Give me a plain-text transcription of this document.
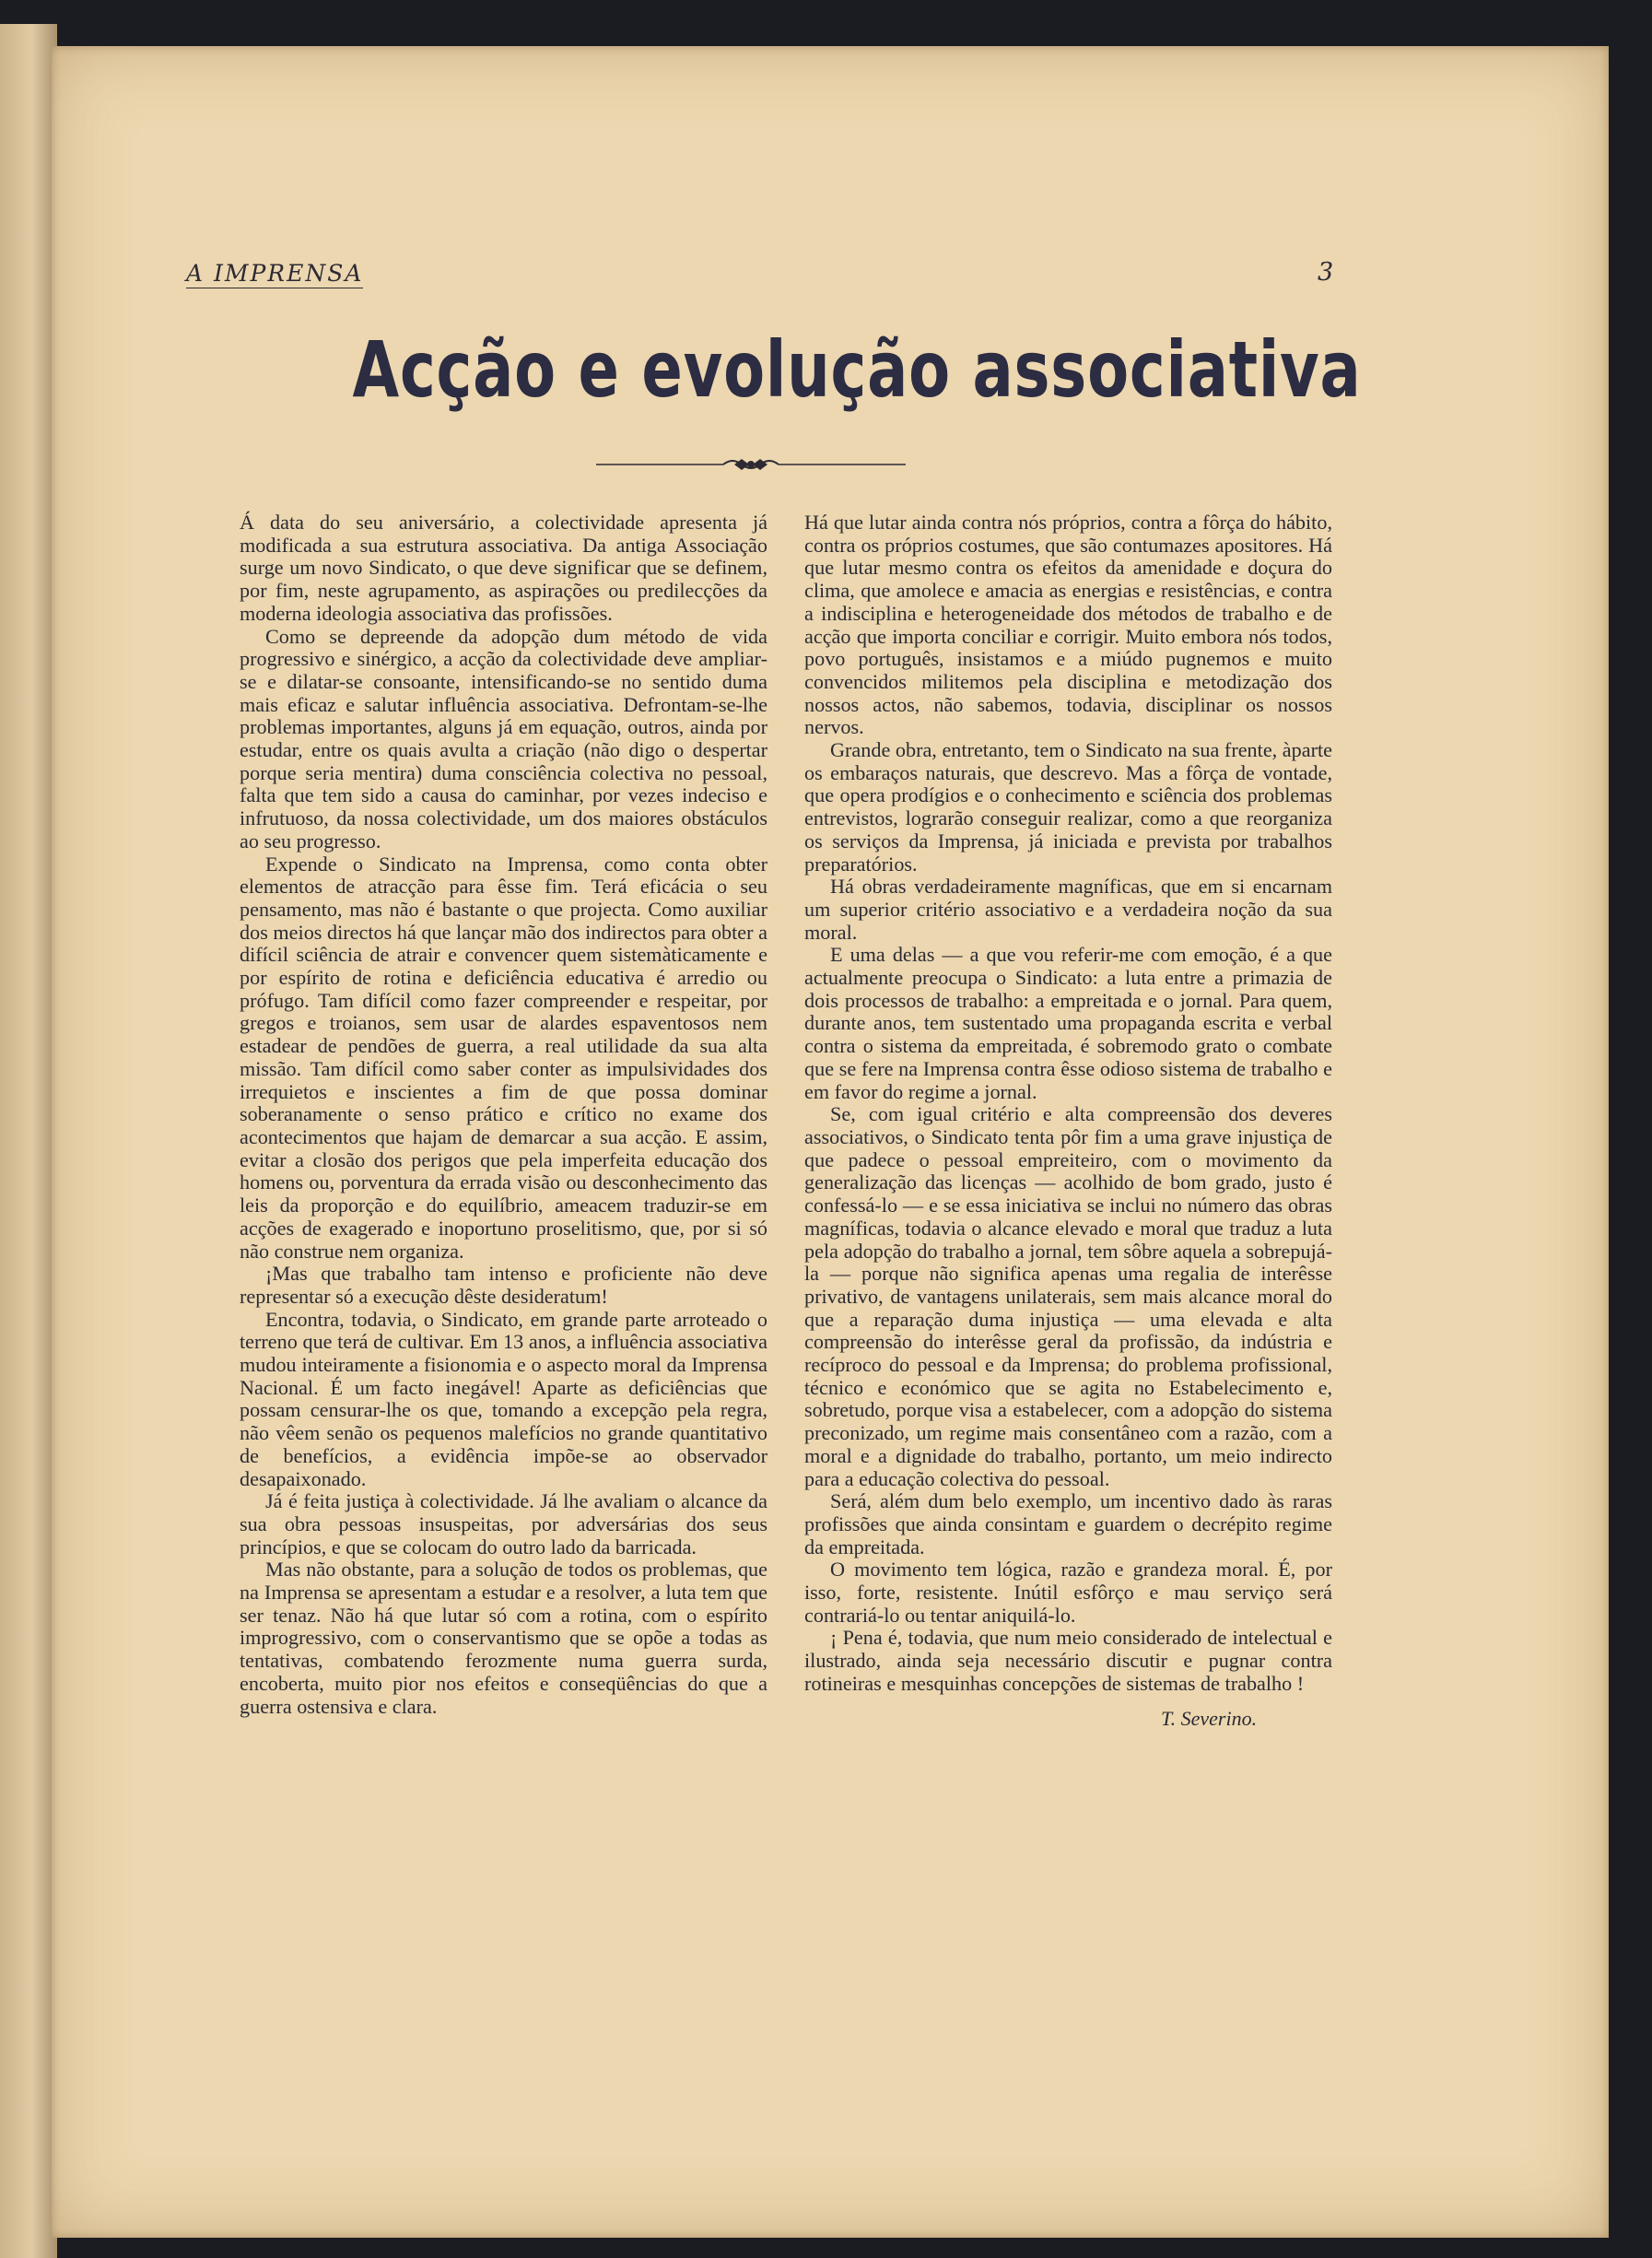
A IMPRENSA	3
Acção e evolução associativa

Á data do seu aniversário, a colectividade apresenta já modificada a sua estrutura associativa. Da antiga Associação surge um novo Sindicato, o que deve significar que se definem, por fim, neste agrupamento, as aspirações ou predilecções da moderna ideologia associativa das profissões.

Como se depreende da adopção dum método de vida progressivo e sinérgico, a acção da colectividade deve ampliar-se e dilatar-se consoante, intensificando-se no sentido duma mais eficaz e salutar influência associativa. Defrontam-se-lhe problemas importantes, alguns já em equação, outros, ainda por estudar, entre os quais avulta a criação (não digo o despertar porque seria mentira) duma consciência colectiva no pessoal, falta que tem sido a causa do caminhar, por vezes indeciso e infrutuoso, da nossa colectividade, um dos maiores obstáculos ao seu progresso.

Expende o Sindicato na Imprensa, como conta obter elementos de atracção para êsse fim. Terá eficácia o seu pensamento, mas não é bastante o que projecta. Como auxiliar dos meios directos há que lançar mão dos indirectos para obter a difícil sciência de atrair e convencer quem sistemàticamente e por espírito de rotina e deficiência educativa é arredio ou prófugo. Tam difícil como fazer compreender e respeitar, por gregos e troianos, sem usar de alardes espaventosos nem estadear de pendões de guerra, a real utilidade da sua alta missão. Tam difícil como saber conter as impulsividades dos irrequietos e inscientes a fim de que possa dominar soberanamente o senso prático e crítico no exame dos acontecimentos que hajam de demarcar a sua acção. E assim, evitar a closão dos perigos que pela imperfeita educação dos homens ou, porventura da errada visão ou desconhecimento das leis da proporção e do equilíbrio, ameacem traduzir-se em acções de exagerado e inoportuno proselitismo, que, por si só não construe nem organiza.

¡Mas que trabalho tam intenso e proficiente não deve representar só a execução dêste desideratum!

Encontra, todavia, o Sindicato, em grande parte arroteado o terreno que terá de cultivar. Em 13 anos, a influência associativa mudou inteiramente a fisionomia e o aspecto moral da Imprensa Nacional. É um facto inegável! Aparte as deficiências que possam censurar-lhe os que, tomando a excepção pela regra, não vêem senão os pequenos malefícios no grande quantitativo de benefícios, a evidência impõe-se ao observador desapaixonado.

Já é feita justiça à colectividade. Já lhe avaliam o alcance da sua obra pessoas insuspeitas, por adversárias dos seus princípios, e que se colocam do outro lado da barricada.

Mas não obstante, para a solução de todos os problemas, que na Imprensa se apresentam a estudar e a resolver, a luta tem que ser tenaz. Não há que lutar só com a rotina, com o espírito improgressivo, com o conservantismo que se opõe a todas as tentativas, combatendo ferozmente numa guerra surda, encoberta, muito pior nos efeitos e conseqüências do que a guerra ostensiva e clara.

Há que lutar ainda contra nós próprios, contra a fôrça do hábito, contra os próprios costumes, que são contumazes apositores. Há que lutar mesmo contra os efeitos da amenidade e doçura do clima, que amolece e amacia as energias e resistências, e contra a indisciplina e heterogeneidade dos métodos de trabalho e de acção que importa conciliar e corrigir. Muito embora nós todos, povo português, insistamos e a miúdo pugnemos e muito convencidos militemos pela disciplina e metodização dos nossos actos, não sabemos, todavia, disciplinar os nossos nervos.

Grande obra, entretanto, tem o Sindicato na sua frente, àparte os embaraços naturais, que descrevo. Mas a fôrça de vontade, que opera prodígios e o conhecimento e sciência dos problemas entrevistos, lograrão conseguir realizar, como a que reorganiza os serviços da Imprensa, já iniciada e prevista por trabalhos preparatórios.

Há obras verdadeiramente magníficas, que em si encarnam um superior critério associativo e a verdadeira noção da sua moral.

E uma delas — a que vou referir-me com emoção, é a que actualmente preocupa o Sindicato: a luta entre a primazia de dois processos de trabalho: a empreitada e o jornal. Para quem, durante anos, tem sustentado uma propaganda escrita e verbal contra o sistema da empreitada, é sobremodo grato o combate que se fere na Imprensa contra êsse odioso sistema de trabalho e em favor do regime a jornal.

Se, com igual critério e alta compreensão dos deveres associativos, o Sindicato tenta pôr fim a uma grave injustiça de que padece o pessoal empreiteiro, com o movimento da generalização das licenças — acolhido de bom grado, justo é confessá-lo — e se essa iniciativa se inclui no número das obras magníficas, todavia o alcance elevado e moral que traduz a luta pela adopção do trabalho a jornal, tem sôbre aquela a sobrepujá-la — porque não significa apenas uma regalia de interêsse privativo, de vantagens unilaterais, sem mais alcance moral do que a reparação duma injustiça — uma elevada e alta compreensão do interêsse geral da profissão, da indústria e recíproco do pessoal e da Imprensa; do problema profissional, técnico e económico que se agita no Estabelecimento e, sobretudo, porque visa a estabelecer, com a adopção do sistema preconizado, um regime mais consentâneo com a razão, com a moral e a dignidade do trabalho, portanto, um meio indirecto para a educação colectiva do pessoal.

Será, além dum belo exemplo, um incentivo dado às raras profissões que ainda consintam e guardem o decrépito regime da empreitada.

O movimento tem lógica, razão e grandeza moral. É, por isso, forte, resistente. Inútil esfôrço e mau serviço será contrariá-lo ou tentar aniquilá-lo.

¡ Pena é, todavia, que num meio considerado de intelectual e ilustrado, ainda seja necessário discutir e pugnar contra rotineiras e mesquinhas concepções de sistemas de trabalho !

T. Severino.
